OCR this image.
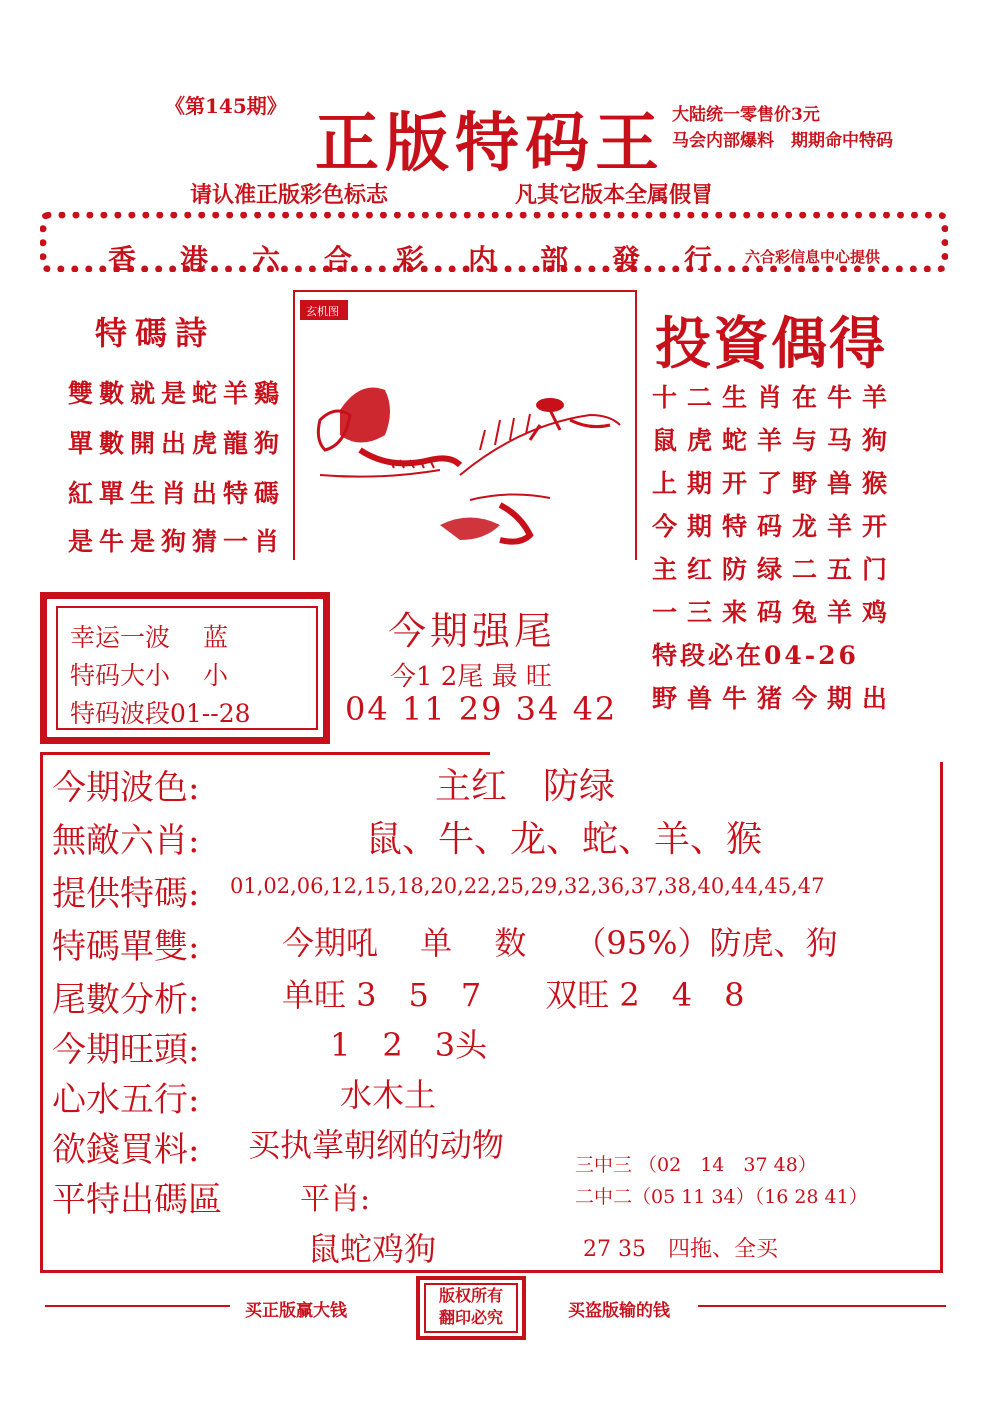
《第145期》 正版特码王 大陆统一零售价3元
马会内部爆料　期期命中特码
请认准正版彩色标志	凡其它版本全属假冒
香 港 六 合 彩 内 部 發 行 六合彩信息中心提供
特碼詩
雙數就是蛇羊鷄
單數開出虎龍狗
紅單生肖出特碼
是牛是狗猜一肖
玄机图	投資偶得
十二生肖在牛羊
鼠虎蛇羊与马狗
上期开了野兽猴
今期特码龙羊开
主红防绿二五门
一三来码兔羊鸡
特段必在04-26
野兽牛猪今期出
幸运一波　 蓝
特码大小　 小
特码波段01--28
今期强尾
今1 2尾 最 旺
04 11 29 34 42
今期波色:	主红　防绿
無敵六肖:	鼠、牛、龙、蛇、羊、猴
提供特碼: 01,02,06,12,15,18,20,22,25,29,32,36,37,38,40,44,45,47
特碼單雙:	今期吼　 单　 数　　（95%）防虎、狗
尾數分析:	单旺 3　5　7　　双旺 2　4　8
今期旺頭:	1　2　3头
心水五行:	水木土
欲錢買料: 买执掌朝纲的动物
平特出碼區	平肖:
鼠蛇鸡狗
三中三 （02　14　37 48）
二中二（05 11 34）（16 28 41）
27 35　四拖、全买
买正版赢大钱	买盗版输的钱
版权所有
翻印必究
